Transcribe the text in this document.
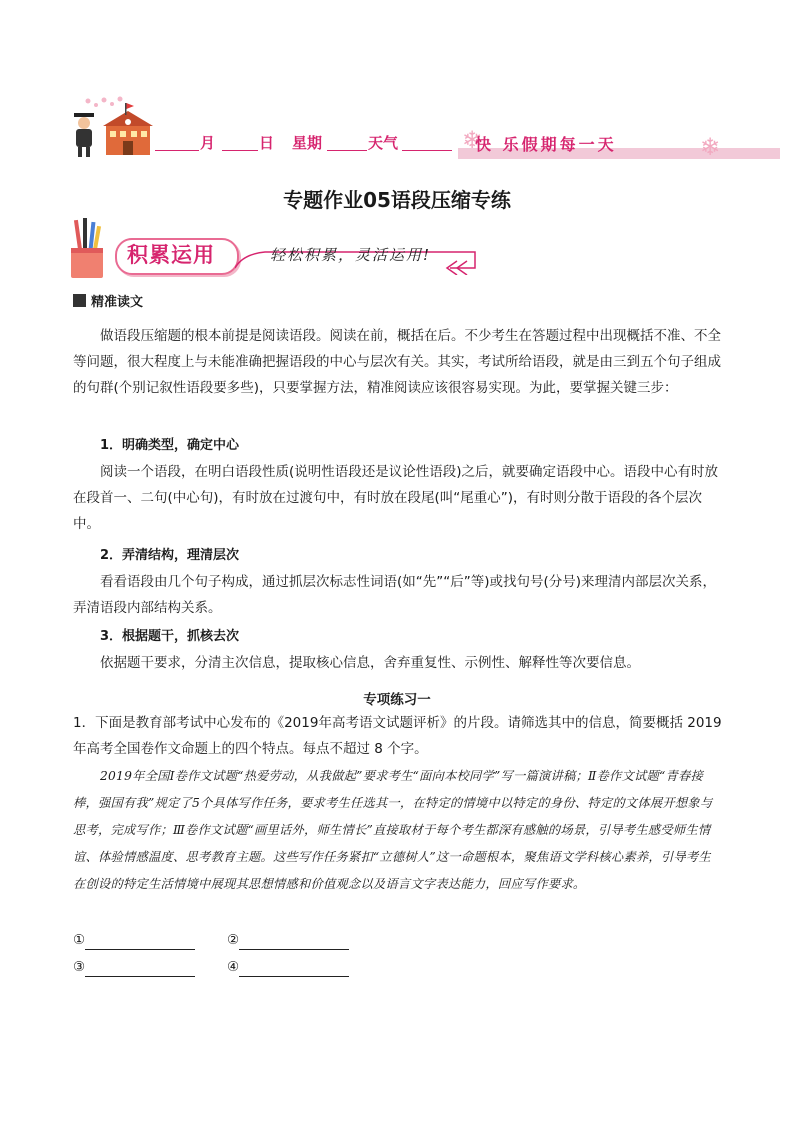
月	日 星期	天气	❄
快 乐假期每一天	❄
专题作业05语段压缩专练
积累运用	轻松积累，灵活运用!
精准读文

做语段压缩题的根本前提是阅读语段。阅读在前，概括在后。不少考生在答题过程中出现概括不准、不全等问题，很大程度上与未能准确把握语段的中心与层次有关。其实，考试所给语段，就是由三到五个句子组成的句群(个别记叙性语段要多些)，只要掌握方法，精准阅读应该很容易实现。为此，要掌握关键三步：

1．明确类型，确定中心

阅读一个语段，在明白语段性质(说明性语段还是议论性语段)之后，就要确定语段中心。语段中心有时放在段首一、二句(中心句)，有时放在过渡句中，有时放在段尾(叫“尾重心”)，有时则分散于语段的各个层次中。

2．弄清结构，理清层次

看看语段由几个句子构成，通过抓层次标志性词语(如“先”“后”等)或找句号(分号)来理清内部层次关系，弄清语段内部结构关系。

3．根据题干，抓核去次

依据题干要求，分清主次信息，提取核心信息，舍弃重复性、示例性、解释性等次要信息。

专项练习一

1．下面是教育部考试中心发布的《2019年高考语文试题评析》的片段。请筛选其中的信息，简要概括 2019 年高考全国卷作文命题上的四个特点。每点不超过 8 个字。

2019年全国Ⅰ卷作文试题“热爱劳动，从我做起”要求考生“面向本校同学”写一篇演讲稿；Ⅱ卷作文试题“青春接棒，强国有我”规定了5个具体写作任务，要求考生任选其一，在特定的情境中以特定的身份、特定的文体展开想象与思考，完成写作；Ⅲ卷作文试题“画里话外，师生情长”直接取材于每个考生都深有感触的场景，引导考生感受师生情谊、体验情感温度、思考教育主题。这些写作任务紧扣“立德树人”这一命题根本，聚焦语文学科核心素养，引导考生在创设的特定生活情境中展现其思想情感和价值观念以及语言文字表达能力，回应写作要求。

①	②
③	④
